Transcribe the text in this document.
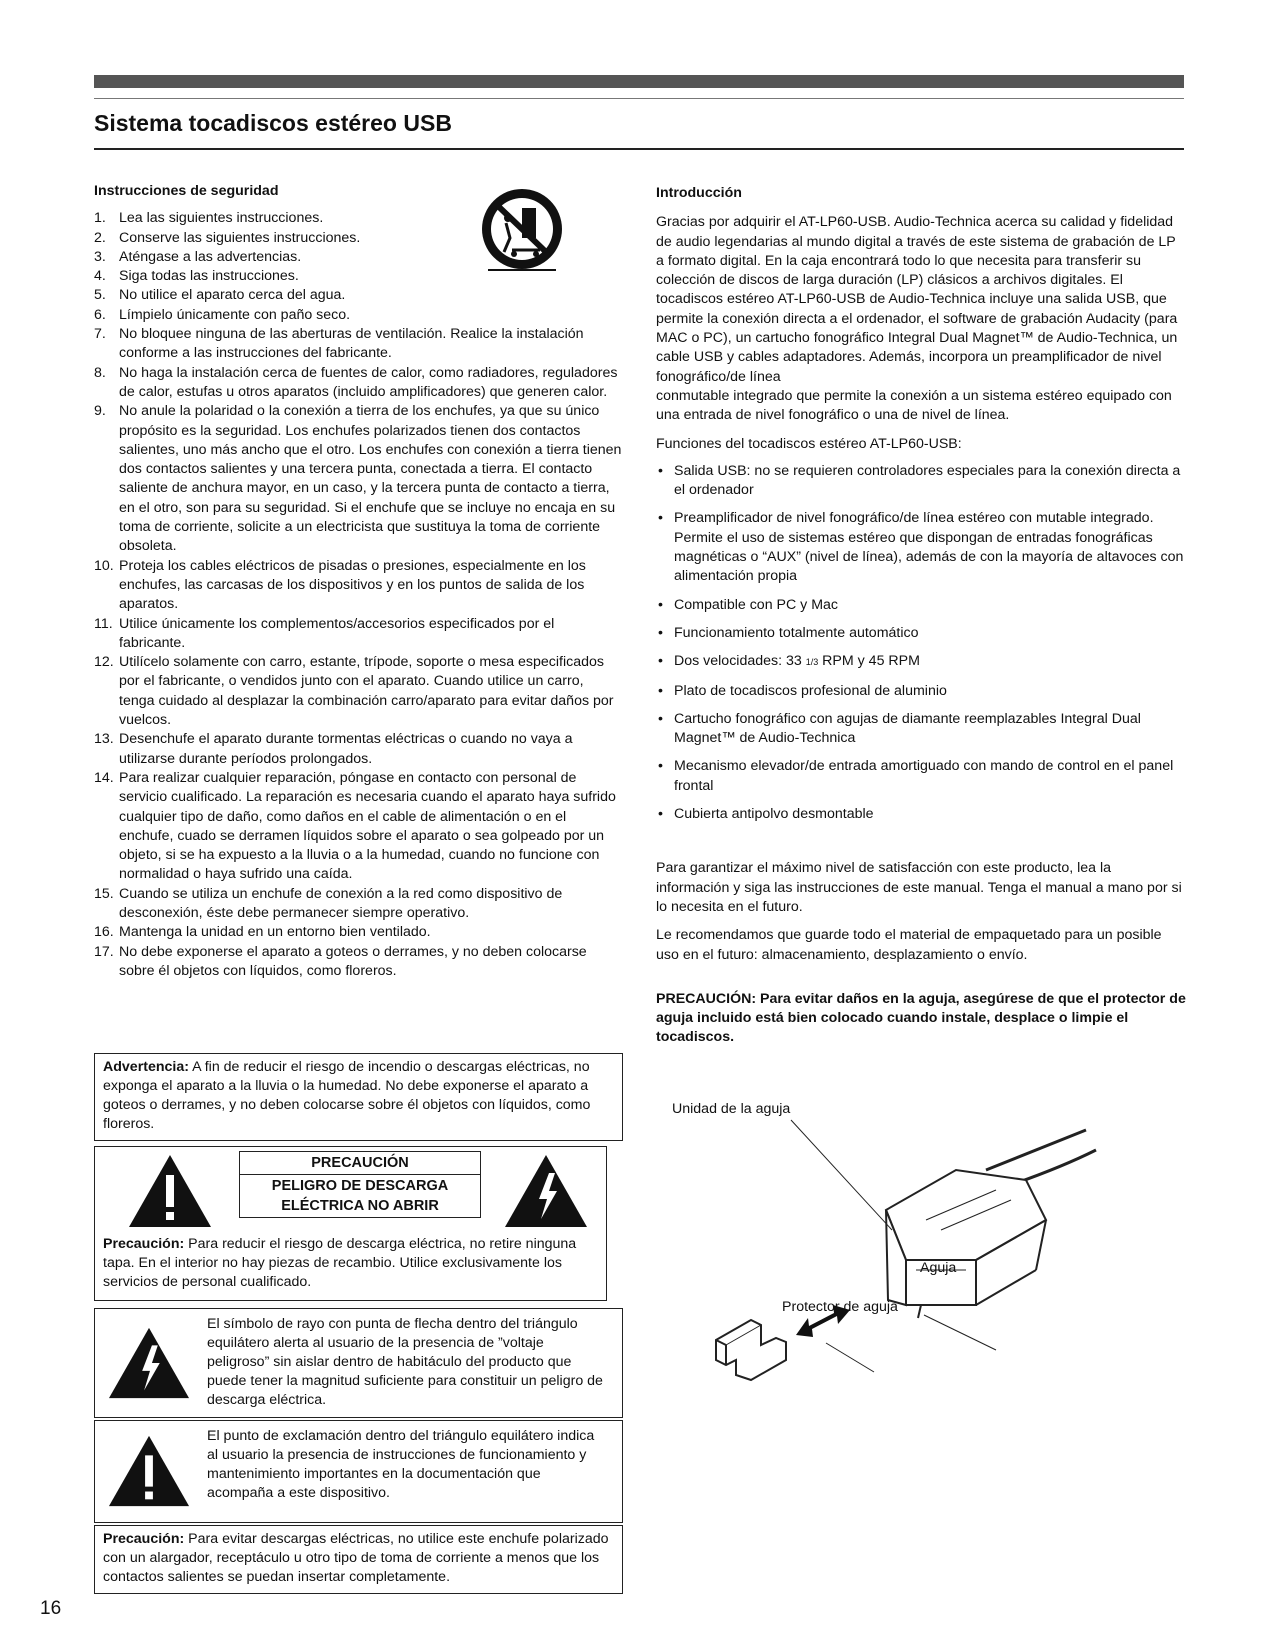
Sistema tocadiscos estéreo USB
Instrucciones de seguridad
1. Lea las siguientes instrucciones.
2. Conserve las siguientes instrucciones.
3. Aténgase a las advertencias.
4. Siga todas las instrucciones.
5. No utilice el aparato cerca del agua.
6. Límpielo únicamente con paño seco.
7. No bloquee ninguna de las aberturas de ventilación. Realice la instalación conforme a las instrucciones del fabricante.
8. No haga la instalación cerca de fuentes de calor, como radiadores, reguladores de calor, estufas u otros aparatos (incluido amplificadores) que generen calor.
9. No anule la polaridad o la conexión a tierra de los enchufes, ya que su único propósito es la seguridad. Los enchufes polarizados tienen dos contactos salientes, uno más ancho que el otro. Los enchufes con conexión a tierra tienen dos contactos salientes y una tercera punta, conectada a tierra. El contacto saliente de anchura mayor, en un caso, y la tercera punta de contacto a tierra, en el otro, son para su seguridad. Si el enchufe que se incluye no encaja en su toma de corriente, solicite a un electricista que sustituya la toma de corriente obsoleta.
10. Proteja los cables eléctricos de pisadas o presiones, especialmente en los enchufes, las carcasas de los dispositivos y en los puntos de salida de los aparatos.
11. Utilice únicamente los complementos/accesorios especificados por el fabricante.
12. Utilícelo solamente con carro, estante, trípode, soporte o mesa especificados por el fabricante, o vendidos junto con el aparato. Cuando utilice un carro, tenga cuidado al desplazar la combinación carro/aparato para evitar daños por vuelcos.
13. Desenchufe el aparato durante tormentas eléctricas o cuando no vaya a utilizarse durante períodos prolongados.
14. Para realizar cualquier reparación, póngase en contacto con personal de servicio cualificado. La reparación es necesaria cuando el aparato haya sufrido cualquier tipo de daño, como daños en el cable de alimentación o en el enchufe, cuado se derramen líquidos sobre el aparato o sea golpeado por un objeto, si se ha expuesto a la lluvia o a la humedad, cuando no funcione con normalidad o haya sufrido una caída.
15. Cuando se utiliza un enchufe de conexión a la red como dispositivo de desconexión, éste debe permanecer siempre operativo.
16. Mantenga la unidad en un entorno bien ventilado.
17. No debe exponerse el aparato a goteos o derrames, y no deben colocarse sobre él objetos con líquidos, como floreros.
Advertencia: A fin de reducir el riesgo de incendio o descargas eléctricas, no exponga el aparato a la lluvia o la humedad. No debe exponerse el aparato a goteos o derrames, y no deben colocarse sobre él objetos con líquidos, como floreros.
PRECAUCIÓN
PELIGRO DE DESCARGA
ELÉCTRICA NO ABRIR
Precaución: Para reducir el riesgo de descarga eléctrica, no retire ninguna tapa. En el interior no hay piezas de recambio. Utilice exclusivamente los servicios de personal cualificado.
El símbolo de rayo con punta de flecha dentro del triángulo equilátero alerta al usuario de la presencia de ”voltaje peligroso” sin aislar dentro de habitáculo del producto que puede tener la magnitud suficiente para constituir un peligro de descarga eléctrica.
El punto de exclamación dentro del triángulo equilátero indica al usuario la presencia de instrucciones de funcionamiento y mantenimiento importantes en la documentación que acompaña a este dispositivo.
Precaución: Para evitar descargas eléctricas, no utilice este enchufe polarizado con un alargador, receptáculo u otro tipo de toma de corriente a menos que los contactos salientes se puedan insertar completamente.
16
Introducción
Gracias por adquirir el AT-LP60-USB. Audio-Technica acerca su calidad y fidelidad de audio legendarias al mundo digital a través de este sistema de grabación de LP a formato digital. En la caja encontrará todo lo que necesita para transferir su colección de discos de larga duración (LP) clásicos a archivos digitales. El tocadiscos estéreo AT-LP60-USB de Audio-Technica incluye una salida USB, que permite la conexión directa a el ordenador, el software de grabación Audacity (para MAC o PC), un cartucho fonográfico Integral Dual Magnet™ de Audio-Technica, un cable USB y cables adaptadores. Además, incorpora un preamplificador de nivel fonográfico/de línea
conmutable integrado que permite la conexión a un sistema estéreo equipado con una entrada de nivel fonográfico o una de nivel de línea.
Funciones del tocadiscos estéreo AT-LP60-USB:
• Salida USB: no se requieren controladores especiales para la conexión directa a el ordenador
• Preamplificador de nivel fonográfico/de línea estéreo con mutable integrado. Permite el uso de sistemas estéreo que dispongan de entradas fonográficas magnéticas o “AUX” (nivel de línea), además de con la mayoría de altavoces con alimentación propia
• Compatible con PC y Mac
• Funcionamiento totalmente automático
• Dos velocidades: 33 1/3 RPM y 45 RPM
• Plato de tocadiscos profesional de aluminio
• Cartucho fonográfico con agujas de diamante reemplazables Integral Dual Magnet™ de Audio-Technica
• Mecanismo elevador/de entrada amortiguado con mando de control en el panel frontal
• Cubierta antipolvo desmontable
Para garantizar el máximo nivel de satisfacción con este producto, lea la información y siga las instrucciones de este manual. Tenga el manual a mano por si lo necesita en el futuro.
Le recomendamos que guarde todo el material de empaquetado para un posible uso en el futuro: almacenamiento, desplazamiento o envío.
PRECAUCIÓN: Para evitar daños en la aguja, asegúrese de que el protector de aguja incluido está bien colocado cuando instale, desplace o limpie el tocadiscos.
Unidad de la aguja
Aguja
Protector de aguja
